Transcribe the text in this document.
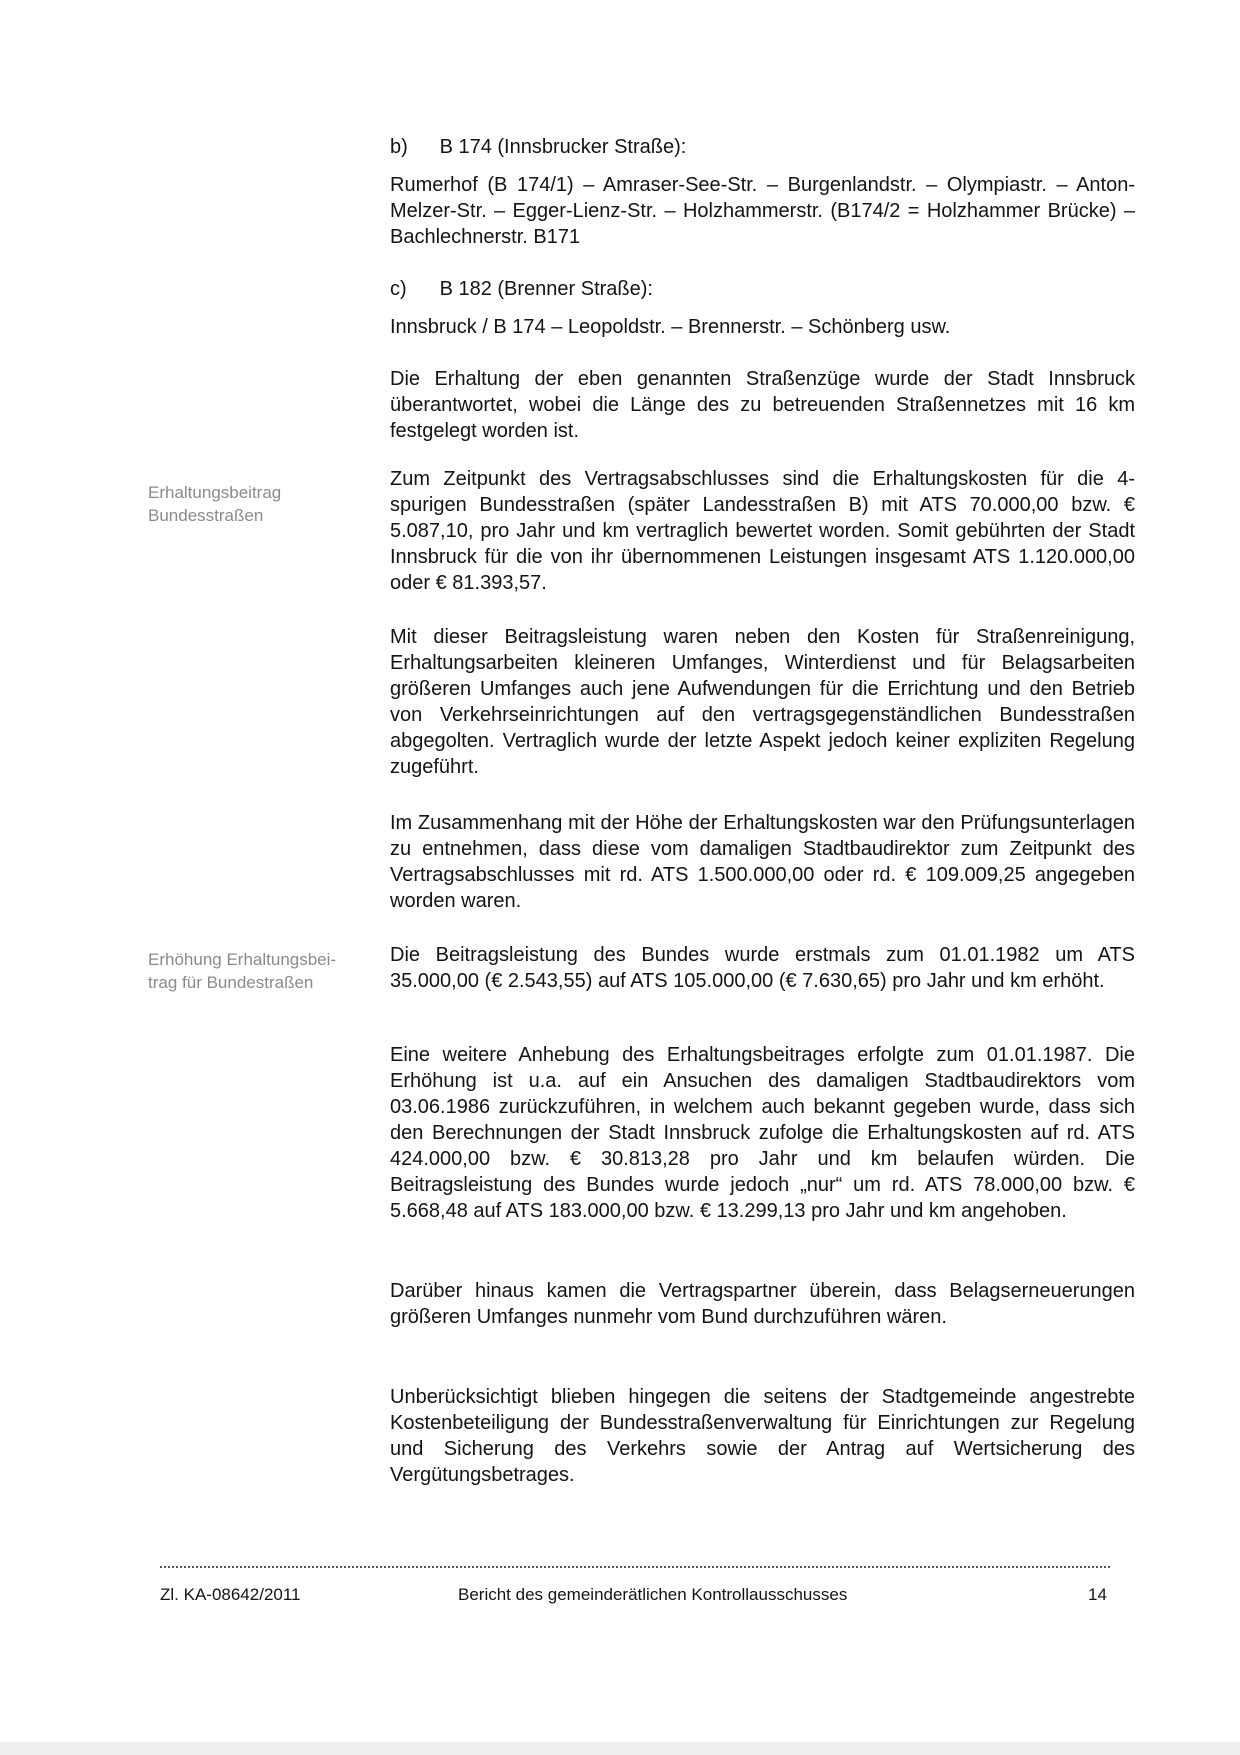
b) B 174 (Innsbrucker Straße):

Rumerhof (B 174/1) – Amraser-See-Str. – Burgenlandstr. – Olympiastr. – Anton-Melzer-Str. – Egger-Lienz-Str. – Holzhammerstr. (B174/2 = Holzhammer Brücke) – Bachlechnerstr. B171

c) B 182 (Brenner Straße):

Innsbruck / B 174 – Leopoldstr. – Brennerstr. – Schönberg usw.

Die Erhaltung der eben genannten Straßenzüge wurde der Stadt Innsbruck überantwortet, wobei die Länge des zu betreuenden Straßennetzes mit 16 km festgelegt worden ist.

Erhaltungsbeitrag
Bundesstraßen

Zum Zeitpunkt des Vertragsabschlusses sind die Erhaltungskosten für die 4-spurigen Bundesstraßen (später Landesstraßen B) mit ATS 70.000,00 bzw. € 5.087,10, pro Jahr und km vertraglich bewertet worden. Somit gebührten der Stadt Innsbruck für die von ihr übernommenen Leistungen insgesamt ATS 1.120.000,00 oder € 81.393,57.

Mit dieser Beitragsleistung waren neben den Kosten für Straßenreinigung, Erhaltungsarbeiten kleineren Umfanges, Winterdienst und für Belagsarbeiten größeren Umfanges auch jene Aufwendungen für die Errichtung und den Betrieb von Verkehrseinrichtungen auf den vertragsgegenständlichen Bundesstraßen abgegolten. Vertraglich wurde der letzte Aspekt jedoch keiner expliziten Regelung zugeführt.

Im Zusammenhang mit der Höhe der Erhaltungskosten war den Prüfungsunterlagen zu entnehmen, dass diese vom damaligen Stadtbaudirektor zum Zeitpunkt des Vertragsabschlusses mit rd. ATS 1.500.000,00 oder rd. € 109.009,25 angegeben worden waren.

Erhöhung Erhaltungsbei-
trag für Bundestraßen

Die Beitragsleistung des Bundes wurde erstmals zum 01.01.1982 um ATS 35.000,00 (€ 2.543,55) auf ATS 105.000,00 (€ 7.630,65) pro Jahr und km erhöht.

Eine weitere Anhebung des Erhaltungsbeitrages erfolgte zum 01.01.1987. Die Erhöhung ist u.a. auf ein Ansuchen des damaligen Stadtbaudirektors vom 03.06.1986 zurückzuführen, in welchem auch bekannt gegeben wurde, dass sich den Berechnungen der Stadt Innsbruck zufolge die Erhaltungskosten auf rd. ATS 424.000,00 bzw. € 30.813,28 pro Jahr und km belaufen würden. Die Beitragsleistung des Bundes wurde jedoch „nur“ um rd. ATS 78.000,00 bzw. € 5.668,48 auf ATS 183.000,00 bzw. € 13.299,13 pro Jahr und km angehoben.

Darüber hinaus kamen die Vertragspartner überein, dass Belagserneuerungen größeren Umfanges nunmehr vom Bund durchzuführen wären.

Unberücksichtigt blieben hingegen die seitens der Stadtgemeinde angestrebte Kostenbeteiligung der Bundesstraßenverwaltung für Einrichtungen zur Regelung und Sicherung des Verkehrs sowie der Antrag auf Wertsicherung des Vergütungsbetrages.

Zl. KA-08642/2011	Bericht des gemeinderätlichen Kontrollausschusses	14
